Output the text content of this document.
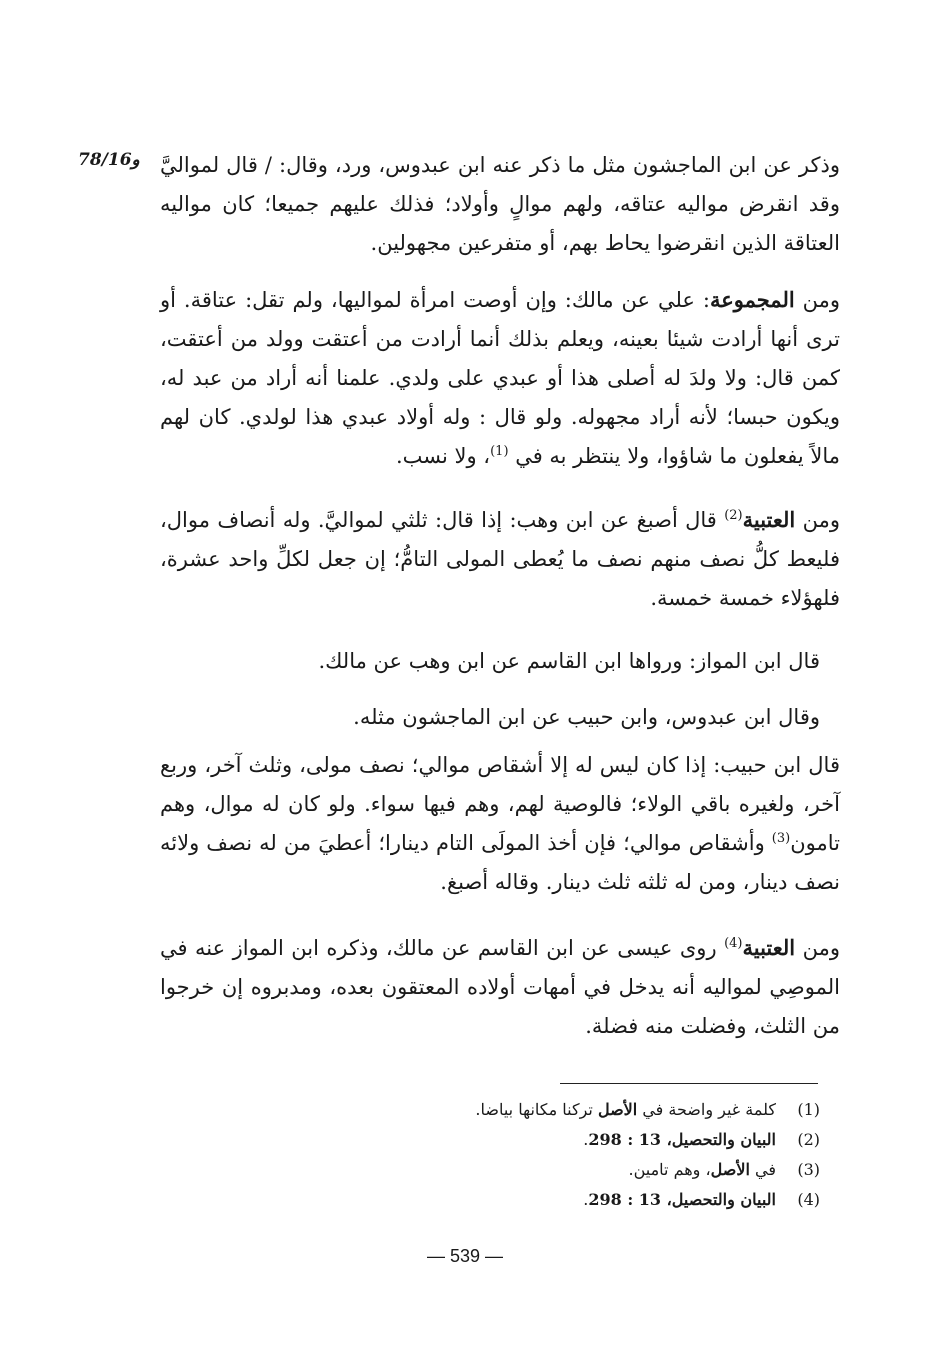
78/16و وذكر عن ابن الماجشون مثل ما ذكر عنه ابن عبدوس، ورد، وقال: / قال لمواليَّ وقد انقرض مواليه عتاقه، ولهم موالٍ وأولاد؛ فذلك عليهم جميعا؛ كان مواليه العتاقة الذين انقرضوا يحاط بهم، أو متفرعين مجهولين.

ومن المجموعة: علي عن مالك: وإن أوصت امرأة لمواليها، ولم تقل: عتاقة. أو ترى أنها أرادت شيئا بعينه، ويعلم بذلك أنما أرادت من أعتقت وولد من أعتقت، كمن قال: ولا ولدَ له أصلى هذا أو عبدي على ولدي. علمنا أنه أراد من عبد له، ويكون حبسا؛ لأنه أراد مجهوله. ولو قال : وله أولاد عبدي هذا لولدي. كان لهم مالاً يفعلون ما شاؤوا، ولا ينتظر به في $^{(1)}$، ولا نسب.

ومن العتبية$^{(2)}$ قال أصبغ عن ابن وهب: إذا قال: ثلثي لمواليَّ. وله أنصاف موال، فليعط كلُّ نصف منهم نصف ما يُعطى المولى التامُّ؛ إن جعل لكلِّ واحد عشرة، فلهؤلاء خمسة خمسة.

قال ابن المواز: ورواها ابن القاسم عن ابن وهب عن مالك.

وقال ابن عبدوس، وابن حبيب عن ابن الماجشون مثله.

قال ابن حبيب: إذا كان ليس له إلا أشقاص موالي؛ نصف مولى، وثلث آخر، وربع آخر، ولغيره باقي الولاء؛ فالوصية لهم، وهم فيها سواء. ولو كان له موال، وهم تامون$^{(3)}$ وأشقاص موالي؛ فإن أخذ المولَى التام دينارا؛ أعطيَ من له نصف ولائه نصف دينار، ومن له ثلثه ثلث دينار. وقاله أصبغ.

ومن العتبية$^{(4)}$ روى عيسى عن ابن القاسم عن مالك، وذكره ابن المواز عنه في الموصِي لمواليه أنه يدخل في أمهات أولاده المعتقون بعده، ومدبروه إن خرجوا من الثلث، وفضلت منه فضلة.

(1)
كلمة غير واضحة في الأصل تركنا مكانها بياضا.
(2)
البيان والتحصيل، 13 : 298.
(3)
في الأصل، وهم تامين.
(4)
البيان والتحصيل، 13 : 298.
— 539 —
